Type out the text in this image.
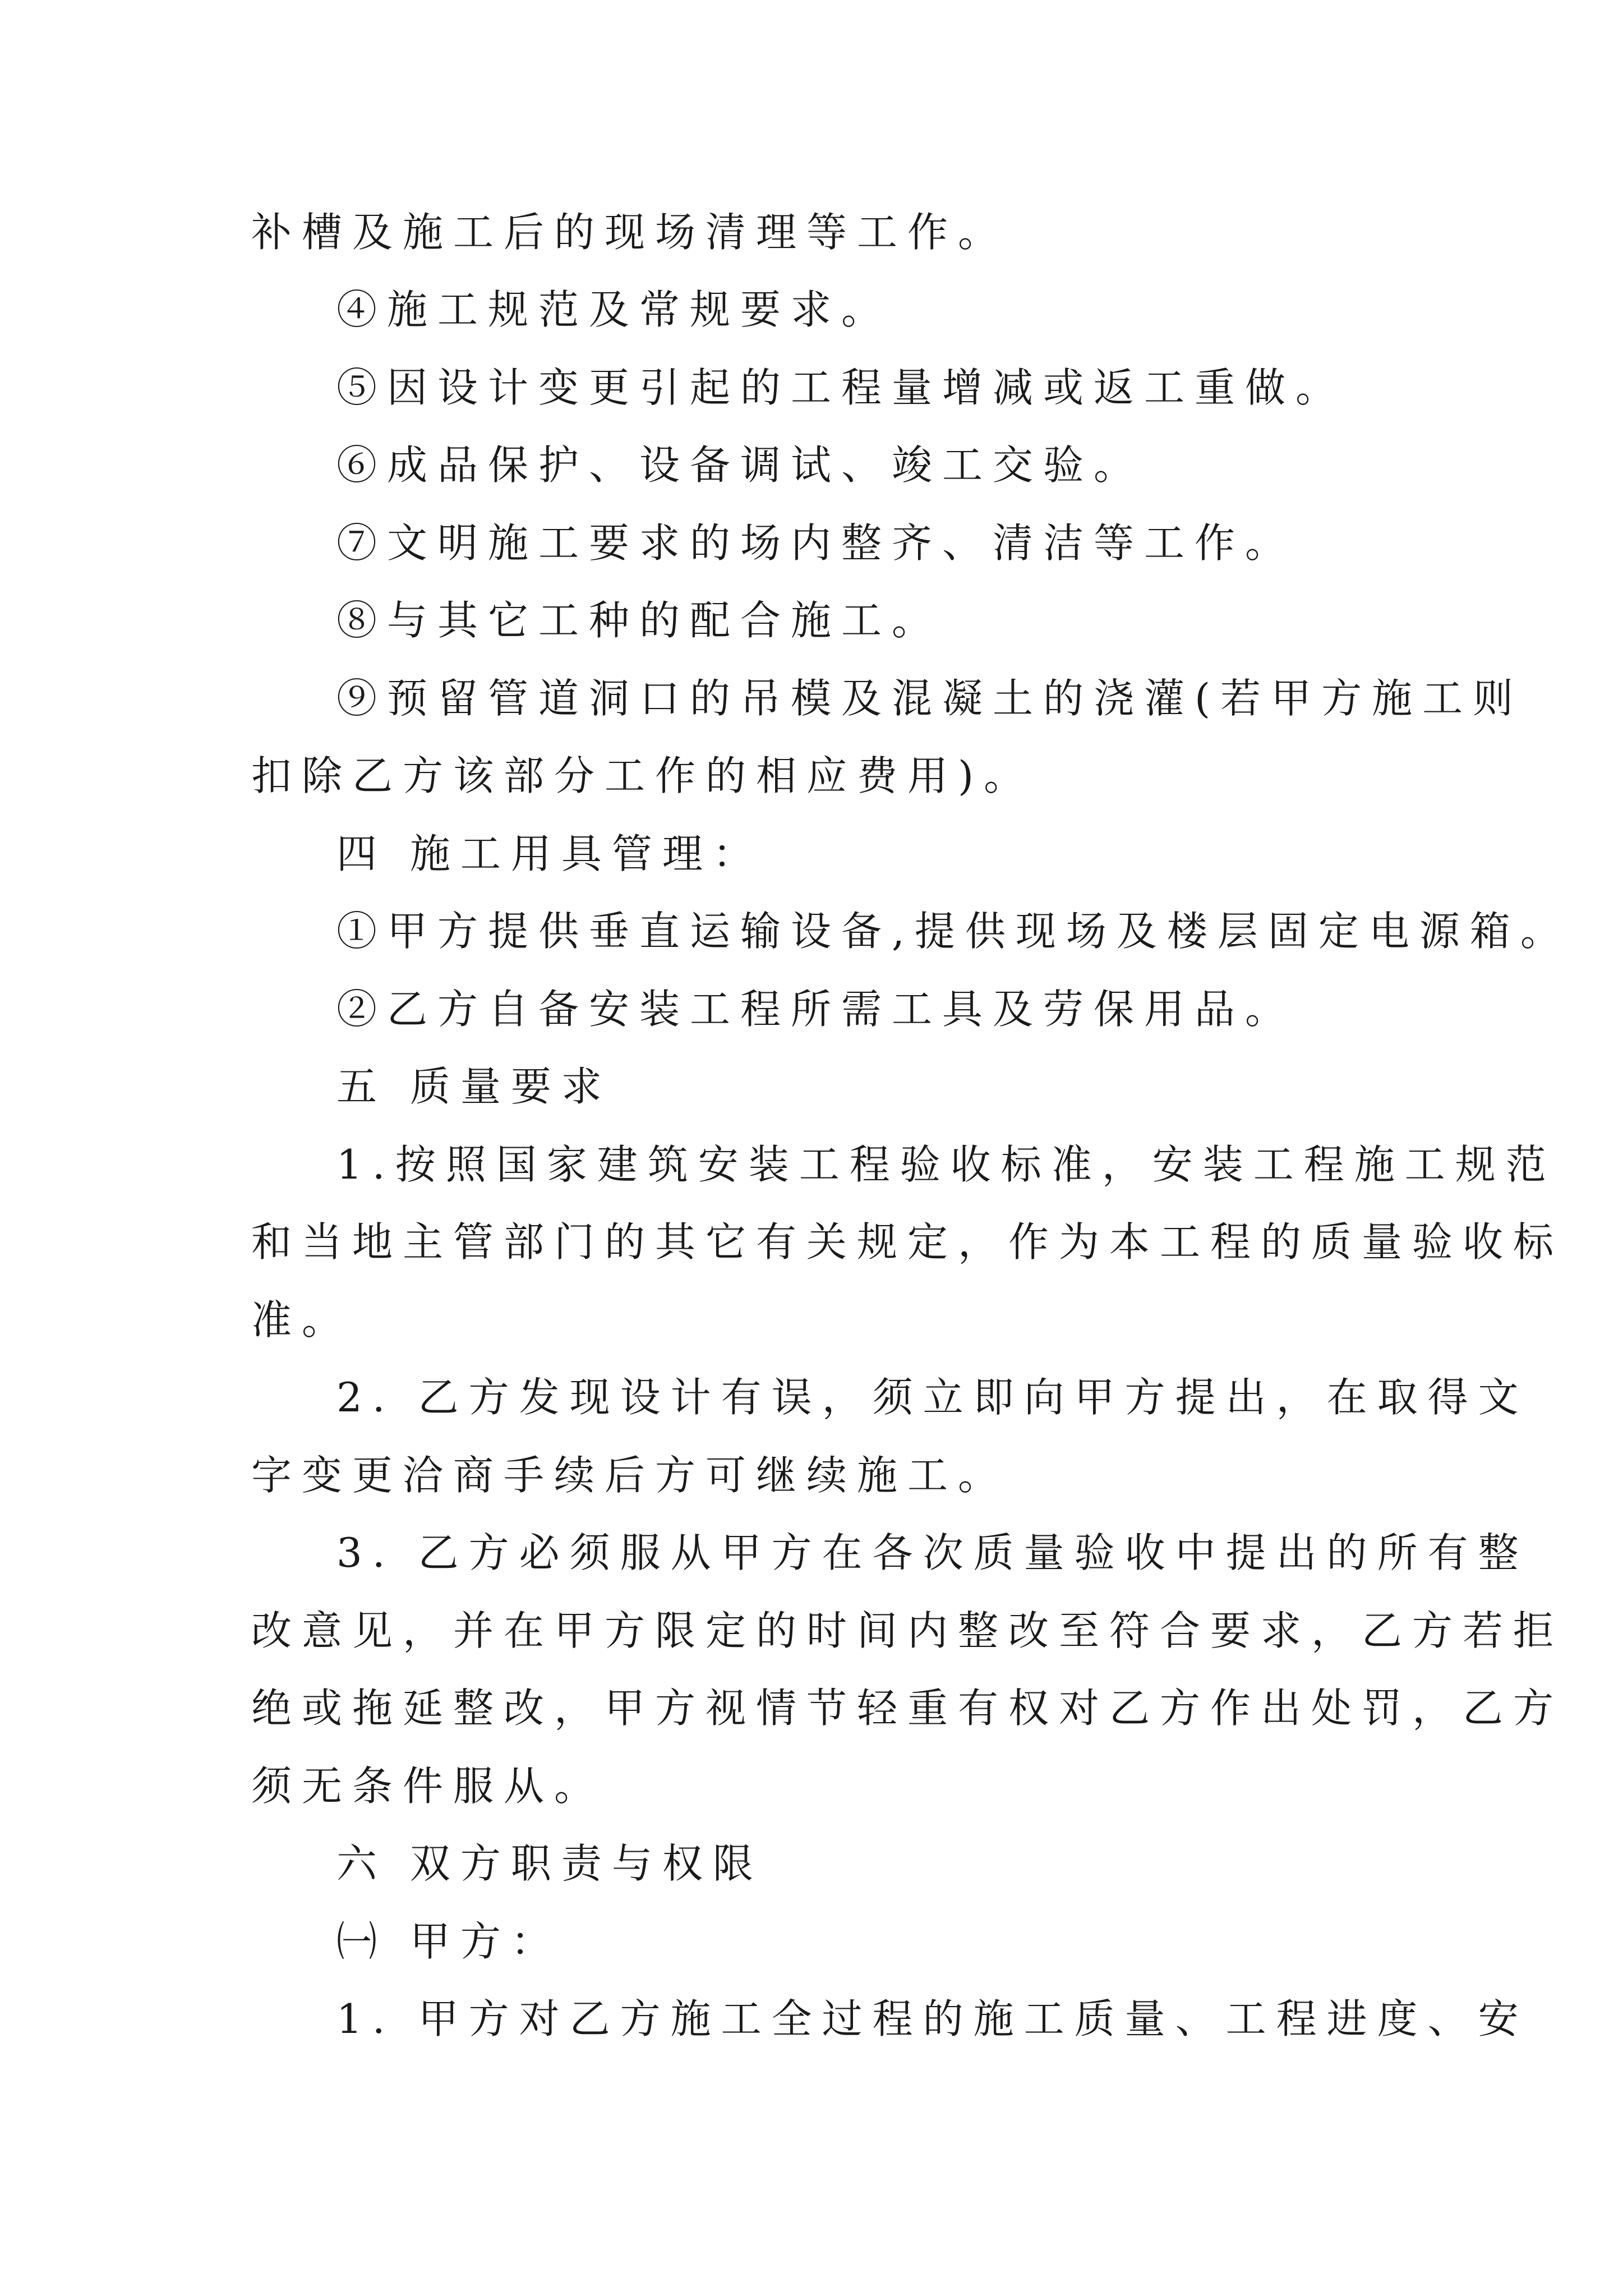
补槽及施工后的现场清理等工作。
④施工规范及常规要求。
⑤因设计变更引起的工程量增减或返工重做。
⑥成品保护、设备调试、竣工交验。
⑦文明施工要求的场内整齐、清洁等工作。
⑧与其它工种的配合施工。
⑨预留管道洞口的吊模及混凝土的浇灌(若甲方施工则
扣除乙方该部分工作的相应费用)。
四 施工用具管理：
①甲方提供垂直运输设备,提供现场及楼层固定电源箱。
②乙方自备安装工程所需工具及劳保用品。
五 质量要求
1.按照国家建筑安装工程验收标准，安装工程施工规范
和当地主管部门的其它有关规定，作为本工程的质量验收标
准。
2. 乙方发现设计有误，须立即向甲方提出，在取得文
字变更洽商手续后方可继续施工。
3. 乙方必须服从甲方在各次质量验收中提出的所有整
改意见，并在甲方限定的时间内整改至符合要求，乙方若拒
绝或拖延整改，甲方视情节轻重有权对乙方作出处罚，乙方
须无条件服从。
六 双方职责与权限
㈠ 甲方：
1. 甲方对乙方施工全过程的施工质量、工程进度、安
